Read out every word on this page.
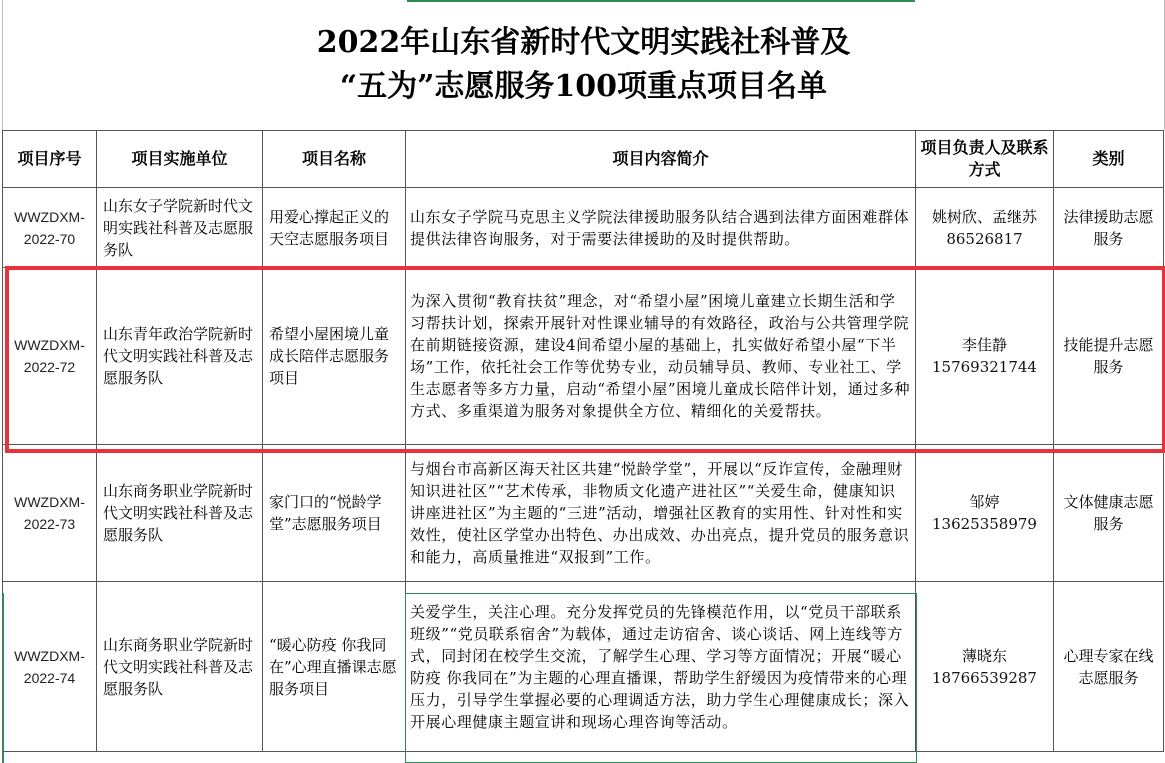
2022年山东省新时代文明实践社科普及
“五为”志愿服务100项重点项目名单
项目序号	项目实施单位	项目名称	项目内容简介	项目负责人及联系方式	类别
WWZDXM-2022-70	山东女子学院新时代文明实践社科普及志愿服务队	用爱心撑起正义的天空志愿服务项目	山东女子学院马克思主义学院法律援助服务队结合遇到法律方面困难群体提供法律咨询服务，对于需要法律援助的及时提供帮助。	姚树欣、孟继苏
86526817	法律援助志愿服务
WWZDXM-2022-72	山东青年政治学院新时代文明实践社科普及志愿服务队	希望小屋困境儿童成长陪伴志愿服务项目	为深入贯彻“教育扶贫”理念，对“希望小屋”困境儿童建立长期生活和学习帮扶计划，探索开展针对性课业辅导的有效路径，政治与公共管理学院在前期链接资源，建设4间希望小屋的基础上，扎实做好希望小屋“下半场”工作，依托社会工作等优势专业，动员辅导员、教师、专业社工、学生志愿者等多方力量，启动“希望小屋”困境儿童成长陪伴计划，通过多种方式、多重渠道为服务对象提供全方位、精细化的关爱帮扶。	李佳静
15769321744	技能提升志愿服务
WWZDXM-2022-73	山东商务职业学院新时代文明实践社科普及志愿服务队	家门口的“悦龄学堂”志愿服务项目	与烟台市高新区海天社区共建“悦龄学堂”，开展以“反诈宣传，金融理财知识进社区”“艺术传承，非物质文化遗产进社区”“关爱生命，健康知识讲座进社区”为主题的“三进”活动，增强社区教育的实用性、针对性和实效性，使社区学堂办出特色、办出成效、办出亮点，提升党员的服务意识和能力，高质量推进“双报到”工作。	邹婷
13625358979	文体健康志愿服务
WWZDXM-2022-74	山东商务职业学院新时代文明实践社科普及志愿服务队	“暖心防疫 你我同在”心理直播课志愿服务项目	关爱学生，关注心理。充分发挥党员的先锋模范作用，以“党员干部联系班级”“党员联系宿舍”为载体，通过走访宿舍、谈心谈话、网上连线等方式，同封闭在校学生交流，了解学生心理、学习等方面情况；开展“暖心防疫 你我同在”为主题的心理直播课，帮助学生舒缓因为疫情带来的心理压力，引导学生掌握必要的心理调适方法，助力学生心理健康成长；深入开展心理健康主题宣讲和现场心理咨询等活动。	薄晓东
18766539287	心理专家在线志愿服务
